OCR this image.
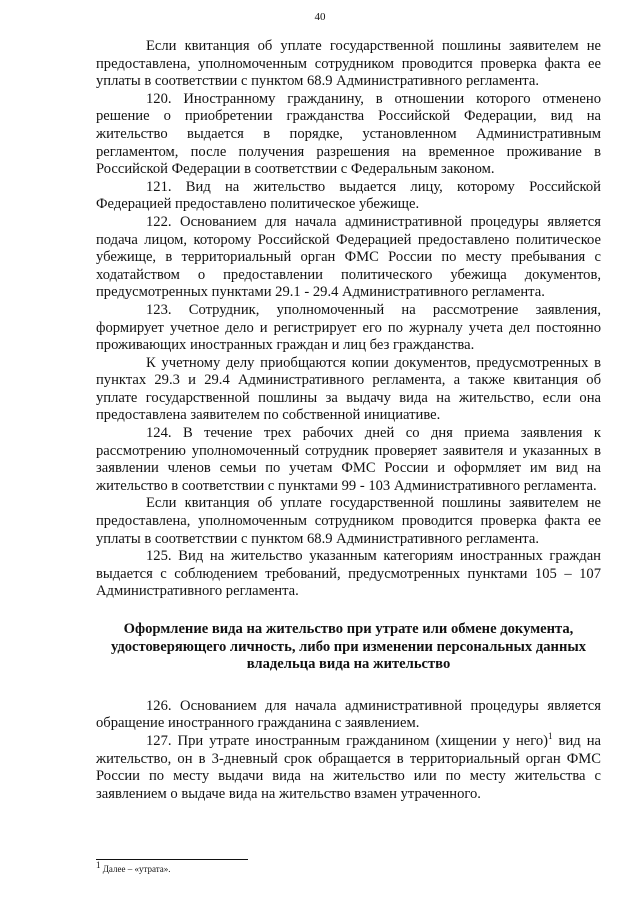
40

Если квитанция об уплате государственной пошлины заявителем не предоставлена, уполномоченным сотрудником проводится проверка факта ее уплаты в соответствии с пунктом 68.9 Административного регламента.

120. Иностранному гражданину, в отношении которого отменено решение о приобретении гражданства Российской Федерации, вид на жительство выдается в порядке, установленном Административным регламентом, после получения разрешения на временное проживание в Российской Федерации в соответствии с Федеральным законом.

121. Вид на жительство выдается лицу, которому Российской Федерацией предоставлено политическое убежище.

122. Основанием для начала административной процедуры является подача лицом, которому Российской Федерацией предоставлено политическое убежище, в территориальный орган ФМС России по месту пребывания с ходатайством о предоставлении политического убежища документов, предусмотренных пунктами 29.1 - 29.4 Административного регламента.

123. Сотрудник, уполномоченный на рассмотрение заявления, формирует учетное дело и регистрирует его по журналу учета дел постоянно проживающих иностранных граждан и лиц без гражданства.

К учетному делу приобщаются копии документов, предусмотренных в пунктах 29.3 и 29.4 Административного регламента, а также квитанция об уплате государственной пошлины за выдачу вида на жительство, если она предоставлена заявителем по собственной инициативе.

124. В течение трех рабочих дней со дня приема заявления к рассмотрению уполномоченный сотрудник проверяет заявителя и указанных в заявлении членов семьи по учетам ФМС России и оформляет им вид на жительство в соответствии с пунктами 99 - 103 Административного регламента.

Если квитанция об уплате государственной пошлины заявителем не предоставлена, уполномоченным сотрудником проводится проверка факта ее уплаты в соответствии с пунктом 68.9 Административного регламента.

125. Вид на жительство указанным категориям иностранных граждан выдается с соблюдением требований, предусмотренных пунктами 105 – 107 Административного регламента.

Оформление вида на жительство при утрате или обмене документа, удостоверяющего личность, либо при изменении персональных данных владельца вида на жительство

126. Основанием для начала административной процедуры является обращение иностранного гражданина с заявлением.

127. При утрате иностранным гражданином (хищении у него)$^1$ вид на жительство, он в 3-дневный срок обращается в территориальный орган ФМС России по месту выдачи вида на жительство или по месту жительства с заявлением о выдаче вида на жительство взамен утраченного.

$^1$ Далее – «утрата».
